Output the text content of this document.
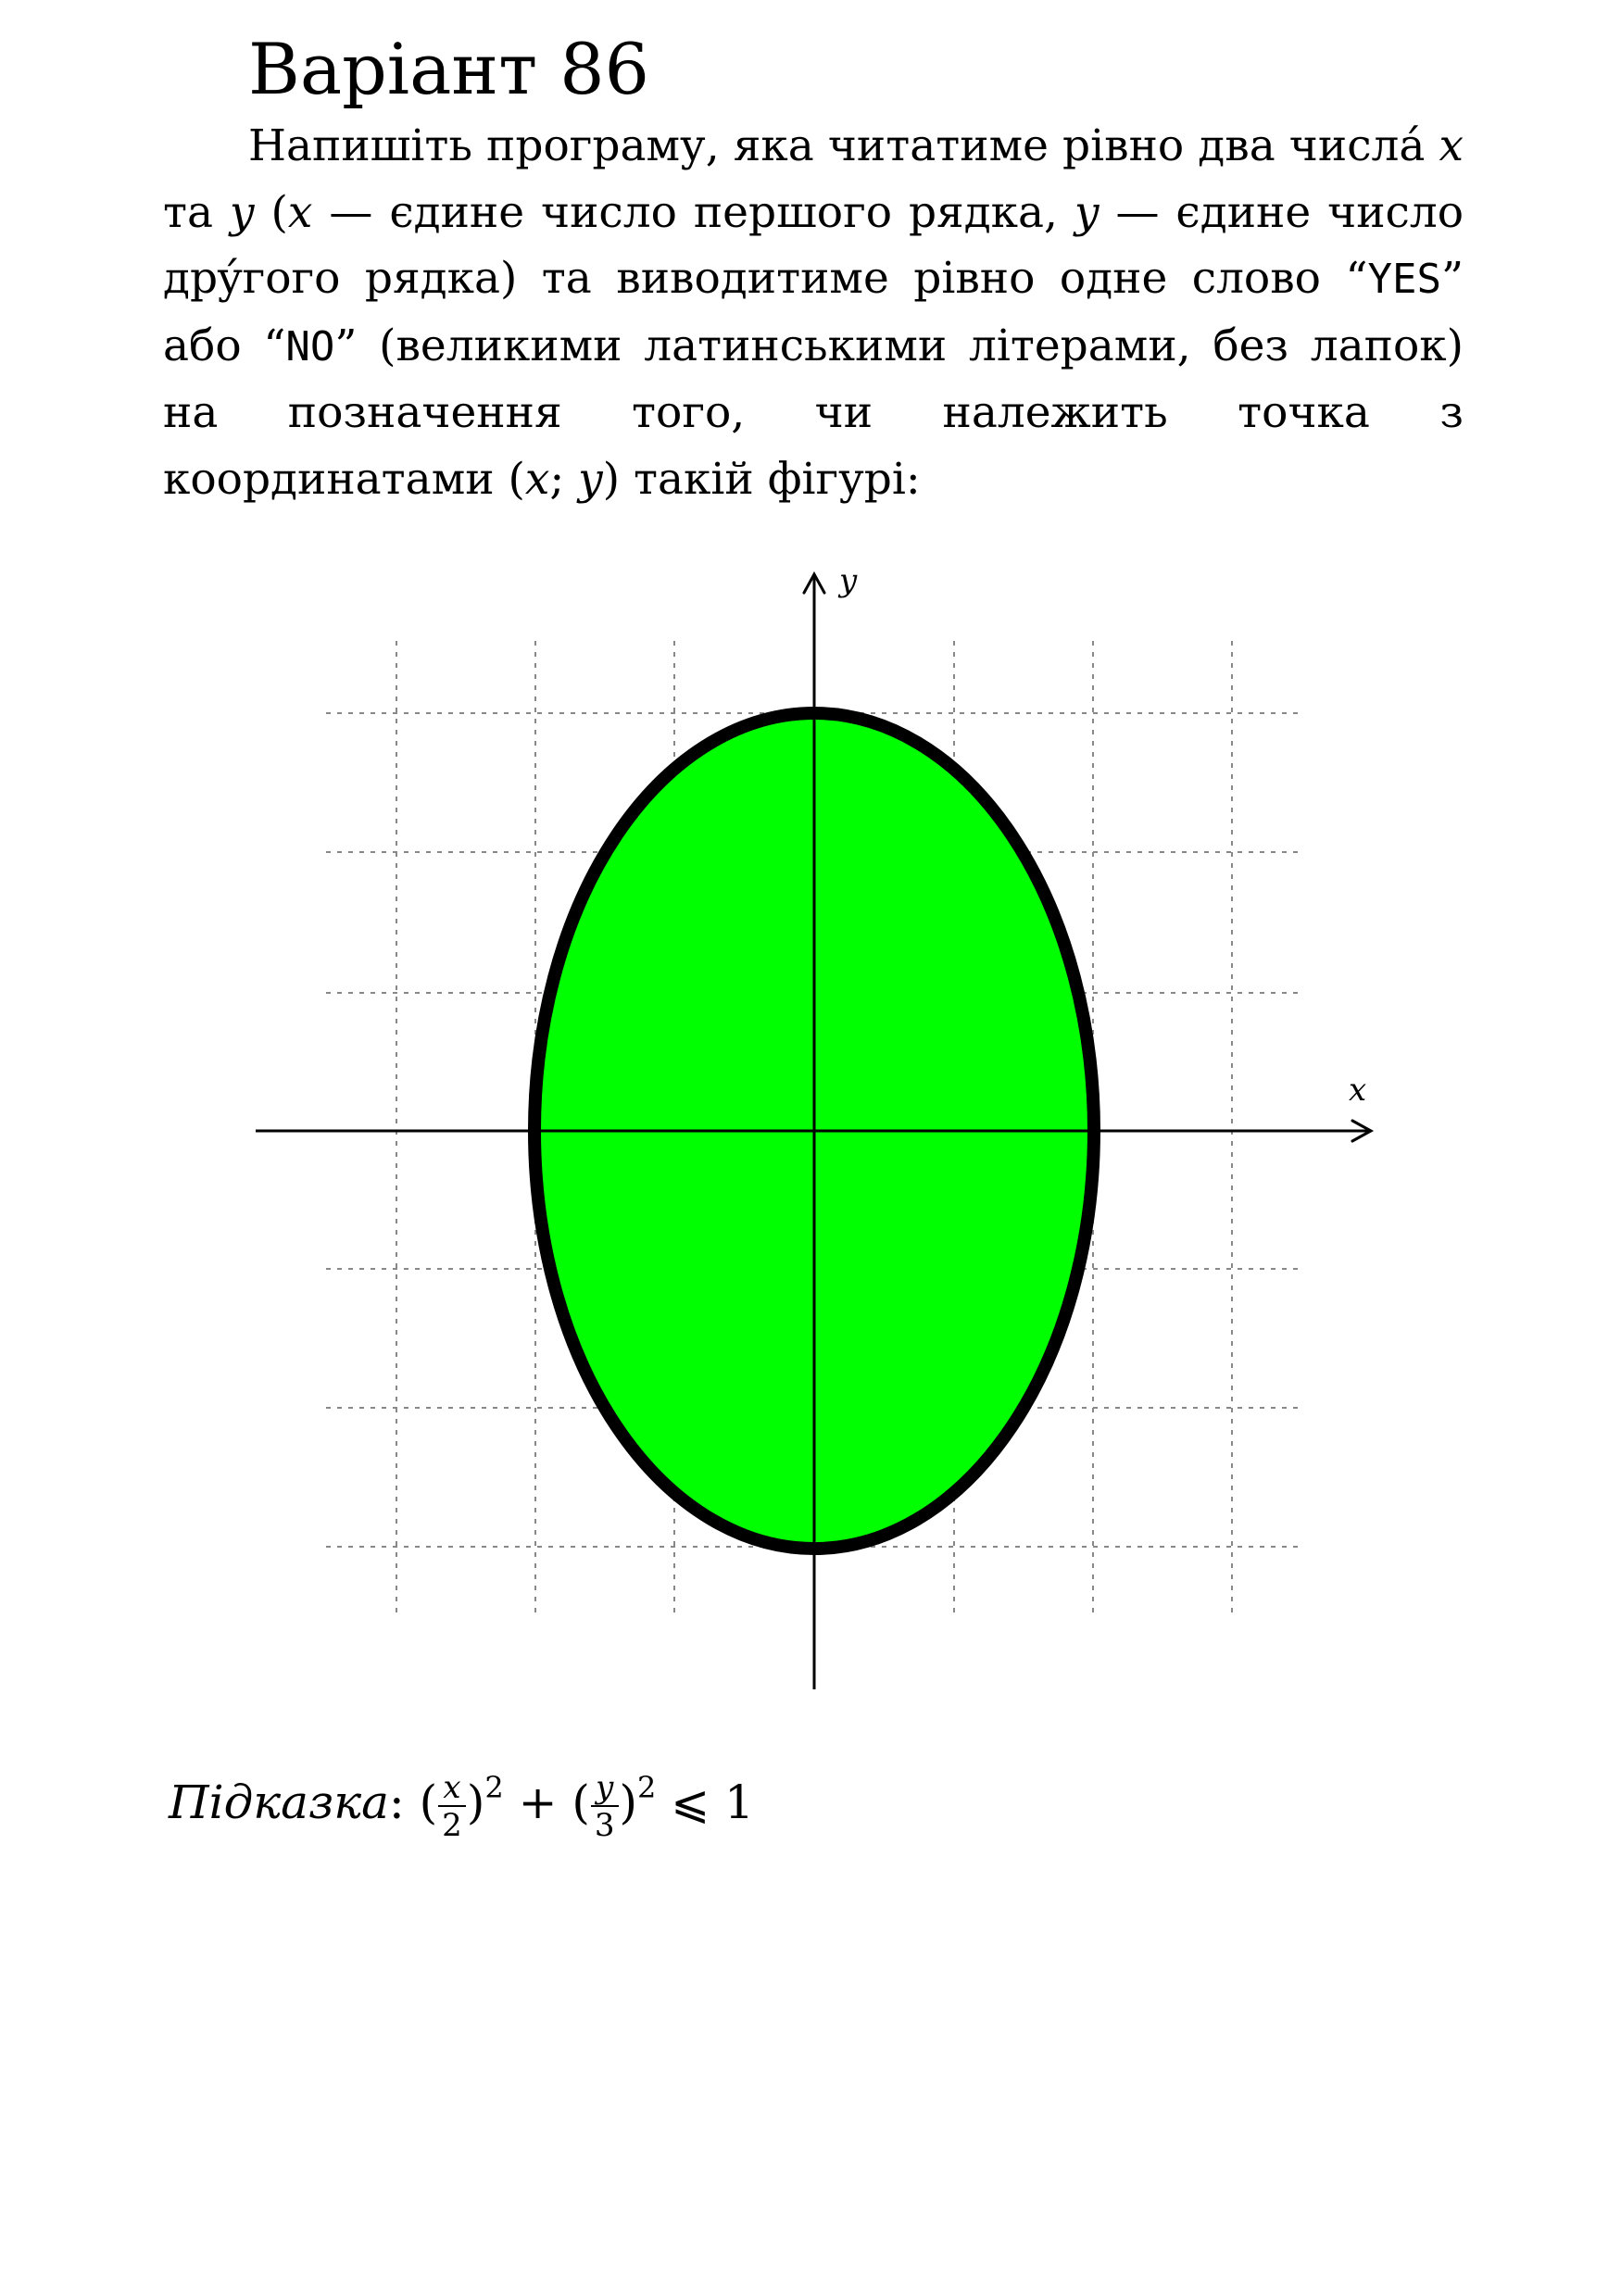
Варіант 86

Напишіть програму, яка читатиме рівно два числá x та y (x — єдине число першого рядка, y — єдине число дрýгого рядка) та виводитиме рівно одне слово “YES” або “NO” (великими латинськими літерами, без лапок) на позначення того, чи належить точка з координатами (x; y) такій фігурі:

x
y

Підказка: ( $\frac{x}{2} )^2$ + ( $\frac{y}{3} )^2$ ⩽ 1
